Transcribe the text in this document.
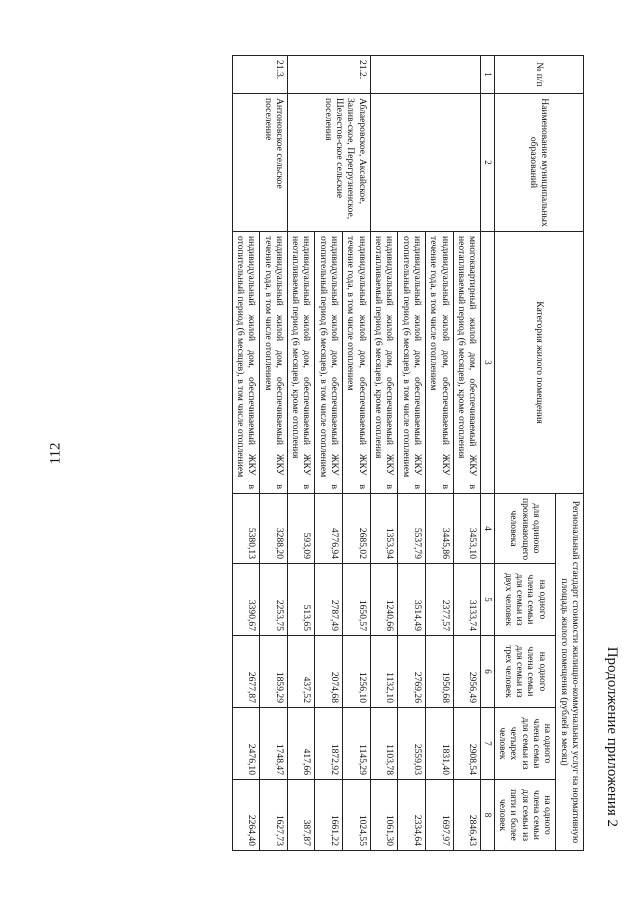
112
Продолжение приложения 2
№ п/п	Наименование муниципальных образований	Категория жилого помещения	Региональный стандарт стоимости жилищно-коммунальных услуг на нормативную площадь жилого помещения (рублей в месяц)				
			для одиноко проживающего человека	на одного члена семьи для семьи из двух человек	на одного члена семьи для семьи из трех человек	на одного члена семьи для семьи из четырех человек	на одного члена семьи для семьи из пяти и более человек
1	2	3	4	5	6	7	8
		многоквартирный жилой дом, обеспечиваемый ЖКУ в неотапливаемый период (6 месяцев), кроме отопления	3453,10	3133,74	2956,49	2908,54	2846,43
		индивидуальный жилой дом, обеспечиваемый ЖКУ в течение года, в том числе отоплением	3445,86	2377,57	1950,68	1831,40	1697,97
		индивидуальный жилой дом, обеспечиваемый ЖКУ в отопительный период (6 месяцев), в том числе отоплением	5537,79	3514,49	2769,26	2559,03	2334,64
		индивидуальный жилой дом, обеспечиваемый ЖКУ в неотапливаемый период (6 месяцев), кроме отопления	1353,94	1240,66	1132,10	1103,78	1061,30
21.2.	Аблаеровское, Аксайское, Залив-ское, Перегрузненское, Шелестов-ское сельские поселения	индивидуальный жилой дом, обеспечиваемый ЖКУ в течение года, в том числе отоплением	2685,02	1650,57	1256,10	1145,29	1024,55
		индивидуальный жилой дом, обеспечиваемый ЖКУ в отопительный период (6 месяцев), в том числе отоплением	4776,94	2787,49	2074,68	1872,92	1661,22
		индивидуальный жилой дом, обеспечиваемый ЖКУ в неотапливаемый период (6 месяцев), кроме отопления	593,09	513,65	437,52	417,66	387,87
21.3.	Антоновское сельское поселение	индивидуальный жилой дом, обеспечиваемый ЖКУ в течение года, в том числе отоплением	3288,20	2253,75	1859,29	1748,47	1627,73
		индивидуальный жилой дом, обеспечиваемый ЖКУ в отопительный период (6 месяцев), в том числе отоплением	5380,13	3390,67	2677,87	2476,10	2264,40
